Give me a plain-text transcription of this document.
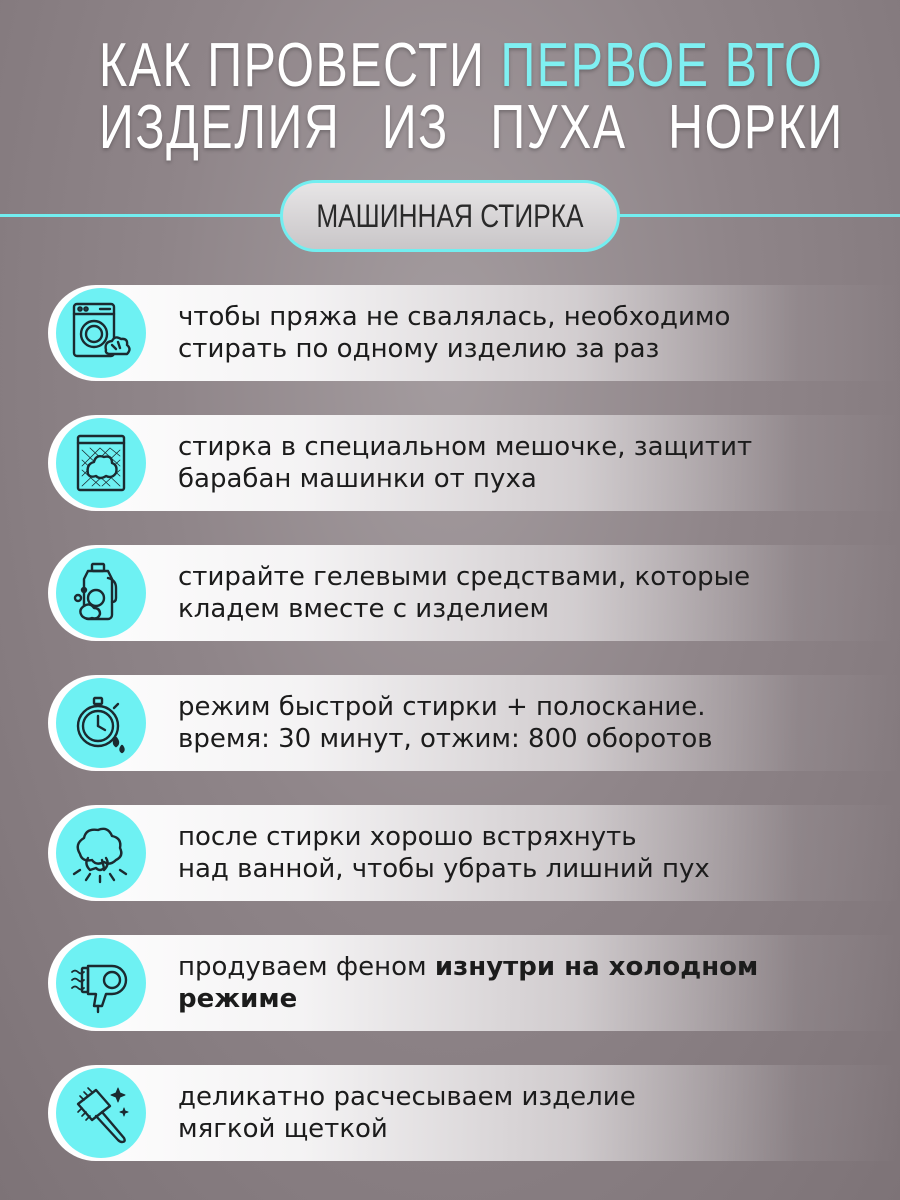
КАК ПРОВЕСТИ ПЕРВОЕ ВТО
ИЗДЕЛИЯ ИЗ ПУХА НОРКИ
МАШИННАЯ СТИРКА
чтобы пряжа не свалялась, необходимо
стирать по одному изделию за раз
стирка в специальном мешочке, защитит
барабан машинки от пуха
стирайте гелевыми средствами, которые
кладем вместе с изделием
режим быстрой стирки + полоскание.
время: 30 минут, отжим: 800 оборотов
после стирки хорошо встряхнуть
над ванной, чтобы убрать лишний пух
продуваем феном изнутри на холодном
режиме
деликатно расчесываем изделие
мягкой щеткой
